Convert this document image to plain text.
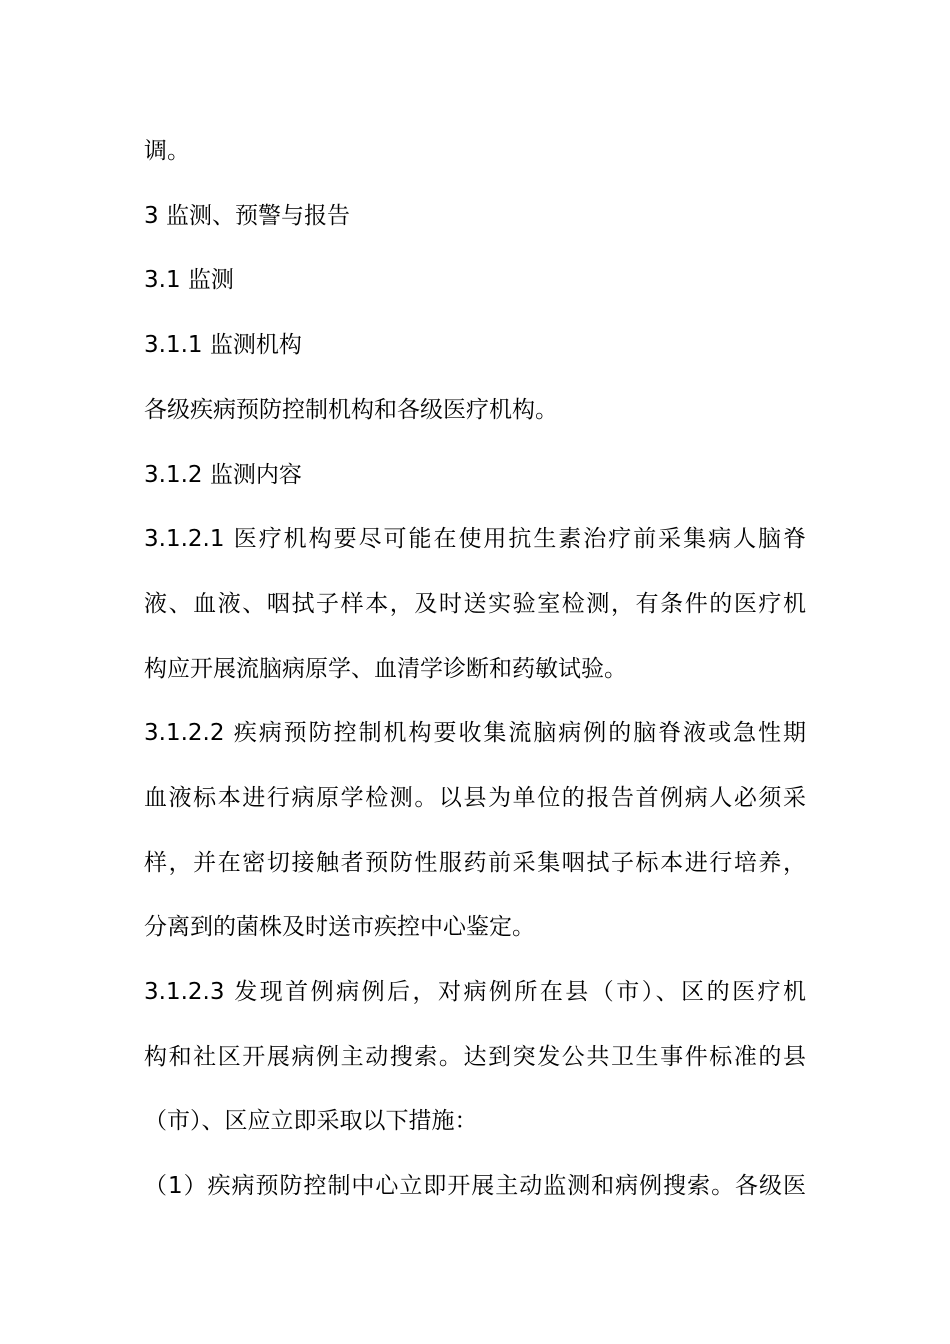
调。
3 监测、预警与报告
3.1 监测
3.1.1 监测机构
各级疾病预防控制机构和各级医疗机构。
3.1.2 监测内容
3.1.2.1 医疗机构要尽可能在使用抗生素治疗前采集病人脑脊
液、血液、咽拭子样本，及时送实验室检测，有条件的医疗机
构应开展流脑病原学、血清学诊断和药敏试验。
3.1.2.2 疾病预防控制机构要收集流脑病例的脑脊液或急性期
血液标本进行病原学检测。以县为单位的报告首例病人必须采
样，并在密切接触者预防性服药前采集咽拭子标本进行培养，
分离到的菌株及时送市疾控中心鉴定。
3.1.2.3 发现首例病例后，对病例所在县（市）、区的医疗机
构和社区开展病例主动搜索。达到突发公共卫生事件标准的县
（市）、区应立即采取以下措施：
（1）疾病预防控制中心立即开展主动监测和病例搜索。各级医
